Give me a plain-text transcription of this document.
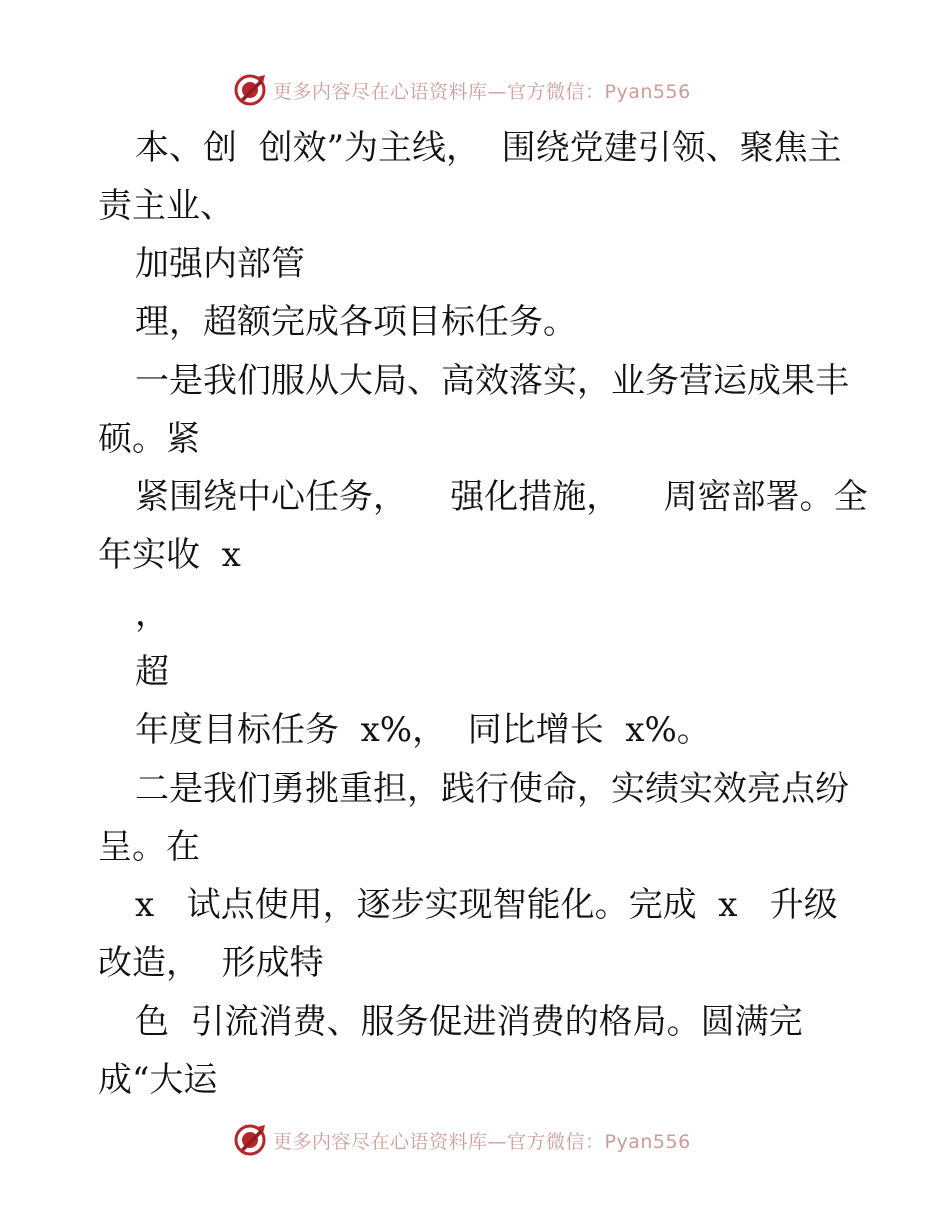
更多内容尽在心语资料库—官方微信：Pyan556
本、创  创效”为主线，  围绕党建引领、聚焦主
责主业、
加强内部管
理，超额完成各项目标任务。
一是我们服从大局、高效落实，业务营运成果丰
硕。紧
紧围绕中心任务，    强化措施，    周密部署。全
年实收  x
，
超
年度目标任务  x%，  同比增长  x%。
二是我们勇挑重担，践行使命，实绩实效亮点纷
呈。在
x   试点使用，逐步实现智能化。完成  x   升级
改造，  形成特
色  引流消费、服务促进消费的格局。圆满完
成“大运
更多内容尽在心语资料库—官方微信：Pyan556
